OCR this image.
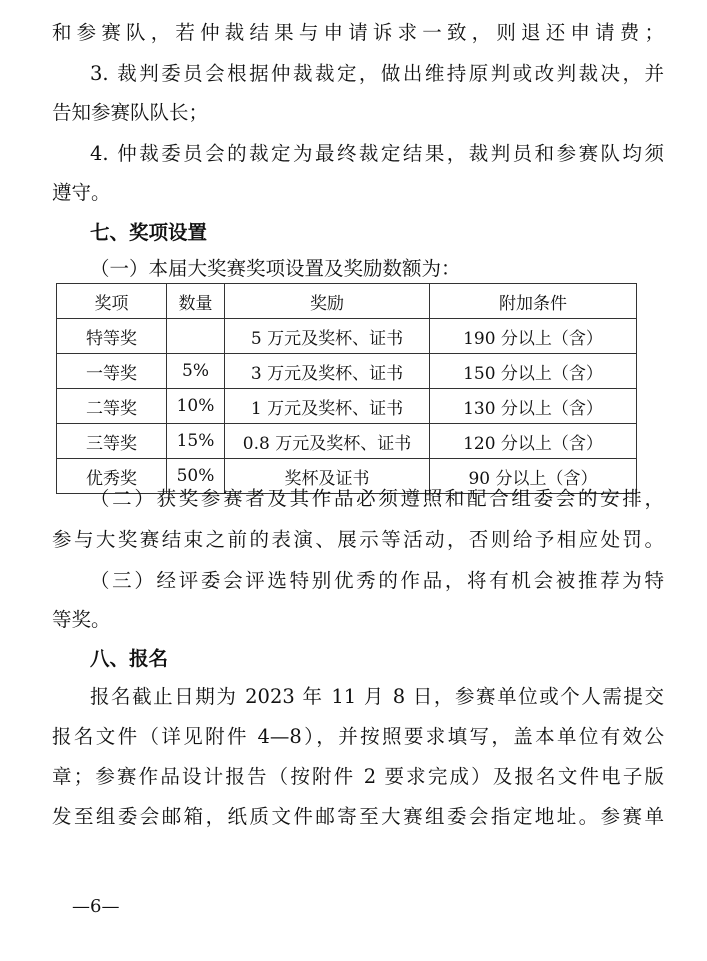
和参赛队，若仲裁结果与申请诉求一致，则退还申请费；
3. 裁判委员会根据仲裁裁定，做出维持原判或改判裁决，并
告知参赛队队长；
4. 仲裁委员会的裁定为最终裁定结果，裁判员和参赛队均须
遵守。
七、奖项设置
（一）本届大奖赛奖项设置及奖励数额为：
奖项	数量	奖励	附加条件
特等奖		5 万元及奖杯、证书	190 分以上（含）
一等奖	5%	3 万元及奖杯、证书	150 分以上（含）
二等奖	10%	1 万元及奖杯、证书	130 分以上（含）
三等奖	15%	0.8 万元及奖杯、证书	120 分以上（含）
优秀奖	50%	奖杯及证书	90 分以上（含）
（二）获奖参赛者及其作品必须遵照和配合组委会的安排，
参与大奖赛结束之前的表演、展示等活动，否则给予相应处罚。
（三）经评委会评选特别优秀的作品，将有机会被推荐为特
等奖。
八、报名
报名截止日期为 2023 年 11 月 8 日，参赛单位或个人需提交
报名文件（详见附件 4—8），并按照要求填写，盖本单位有效公
章；参赛作品设计报告（按附件 2 要求完成）及报名文件电子版
发至组委会邮箱，纸质文件邮寄至大赛组委会指定地址。参赛单
—6—
